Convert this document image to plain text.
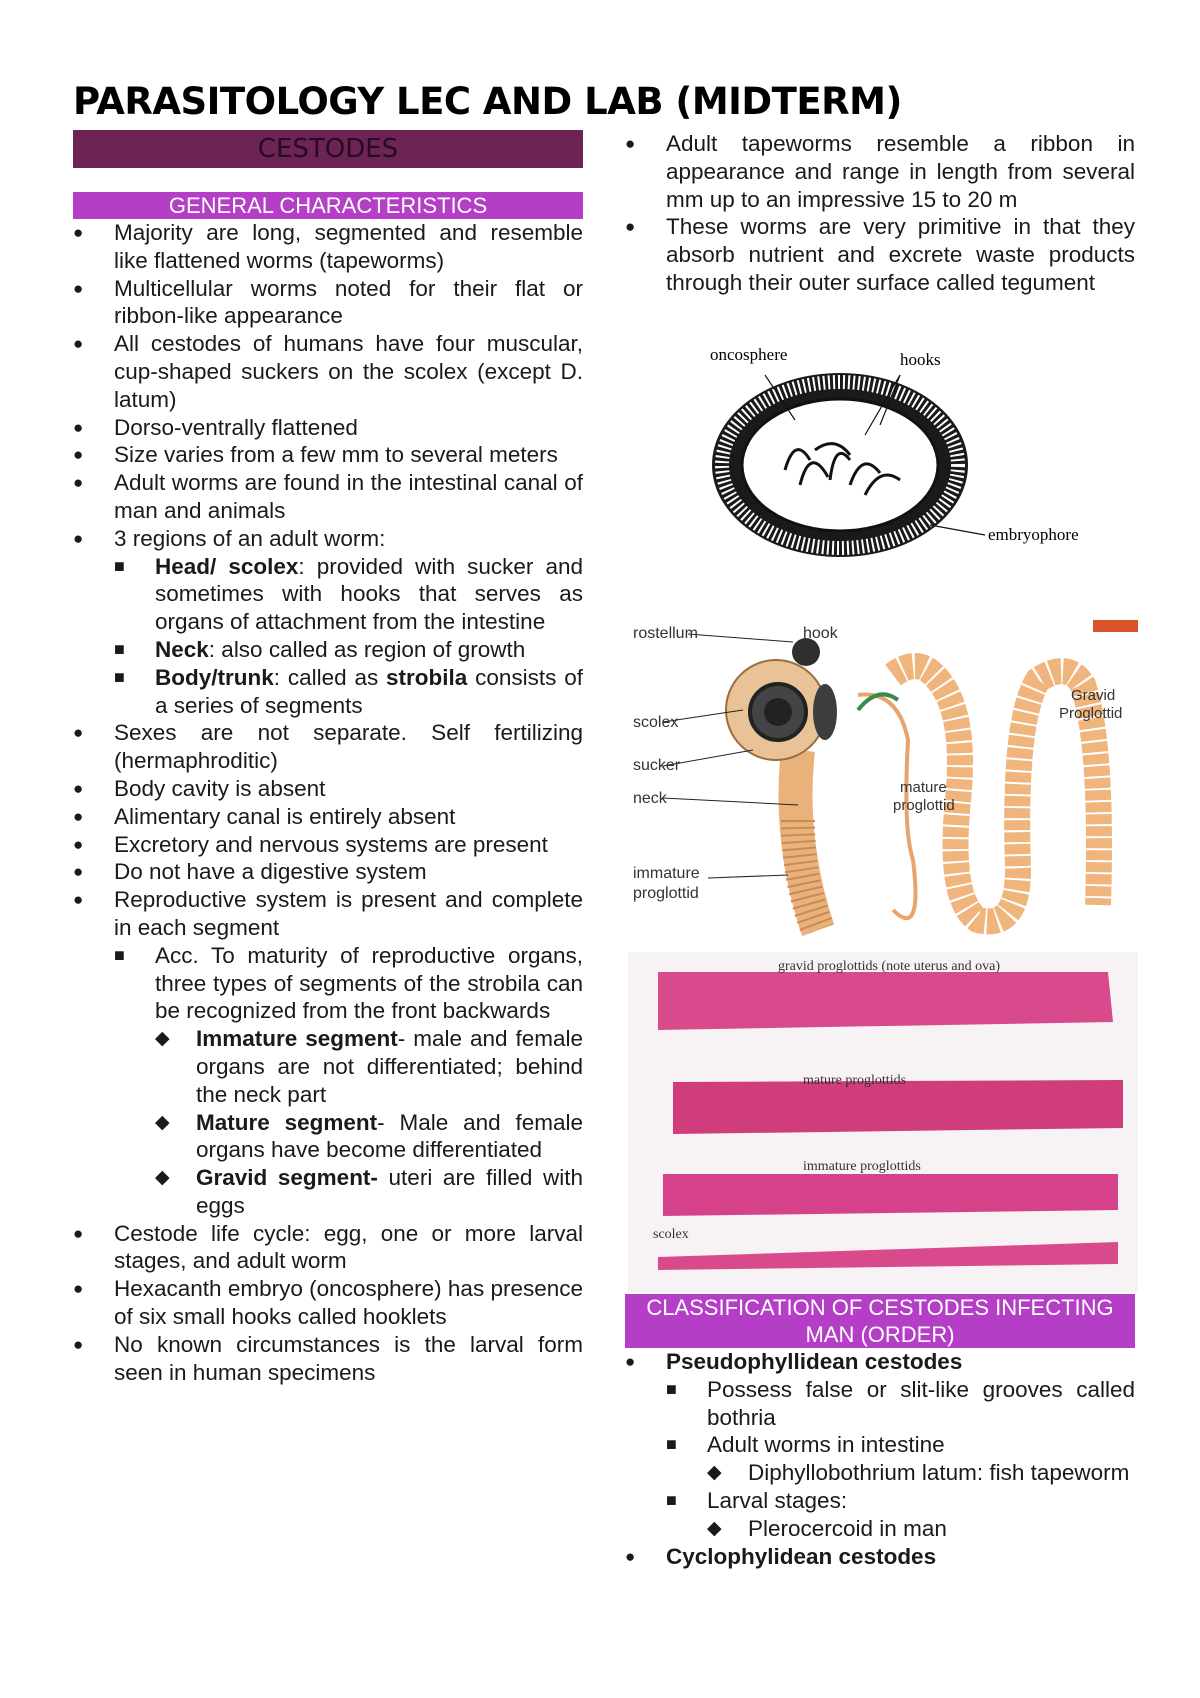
PARASITOLOGY LEC AND LAB (MIDTERM)
CESTODES
GENERAL CHARACTERISTICS
● Majority are long, segmented and resemble like flattened worms (tapeworms)
● Multicellular worms noted for their flat or ribbon-like appearance
● All cestodes of humans have four muscular, cup-shaped suckers on the scolex (except D. latum)
● Dorso-ventrally flattened
● Size varies from a few mm to several meters
● Adult worms are found in the intestinal canal of man and animals
● 3 regions of an adult worm:
■ Head/ scolex: provided with sucker and sometimes with hooks that serves as organs of attachment from the intestine
■ Neck: also called as region of growth
■ Body/trunk: called as strobila consists of a series of segments
● Sexes are not separate. Self fertilizing (hermaphroditic)
● Body cavity is absent
● Alimentary canal is entirely absent
● Excretory and nervous systems are present
● Do not have a digestive system
● Reproductive system is present and complete in each segment
■ Acc. To maturity of reproductive organs, three types of segments of the strobila can be recognized from the front backwards
◆ Immature segment- male and female organs are not differentiated; behind the neck part
◆ Mature segment- Male and female organs have become differentiated
◆ Gravid segment- uteri are filled with eggs
● Cestode life cycle: egg, one or more larval stages, and adult worm
● Hexacanth embryo (oncosphere) has presence of six small hooks called hooklets
● No known circumstances is the larval form seen in human specimens
● Adult tapeworms resemble a ribbon in appearance and range in length from several mm up to an impressive 15 to 20 m
● These worms are very primitive in that they absorb nutrient and excrete waste products through their outer surface called tegument
oncosphere	hooks
embryophore
rostellum	hook
scolex
sucker
neck
immature
proglottid
mature
proglottid
Gravid
Proglottid
gravid proglottids (note uterus and ova)
mature proglottids
immature proglottids
scolex
CLASSIFICATION OF CESTODES INFECTING MAN (ORDER)
● Pseudophyllidean cestodes
■ Possess false or slit-like grooves called bothria
■ Adult worms in intestine
◆ Diphyllobothrium latum: fish tapeworm
■ Larval stages:
◆ Plerocercoid in man
● Cyclophylidean cestodes
